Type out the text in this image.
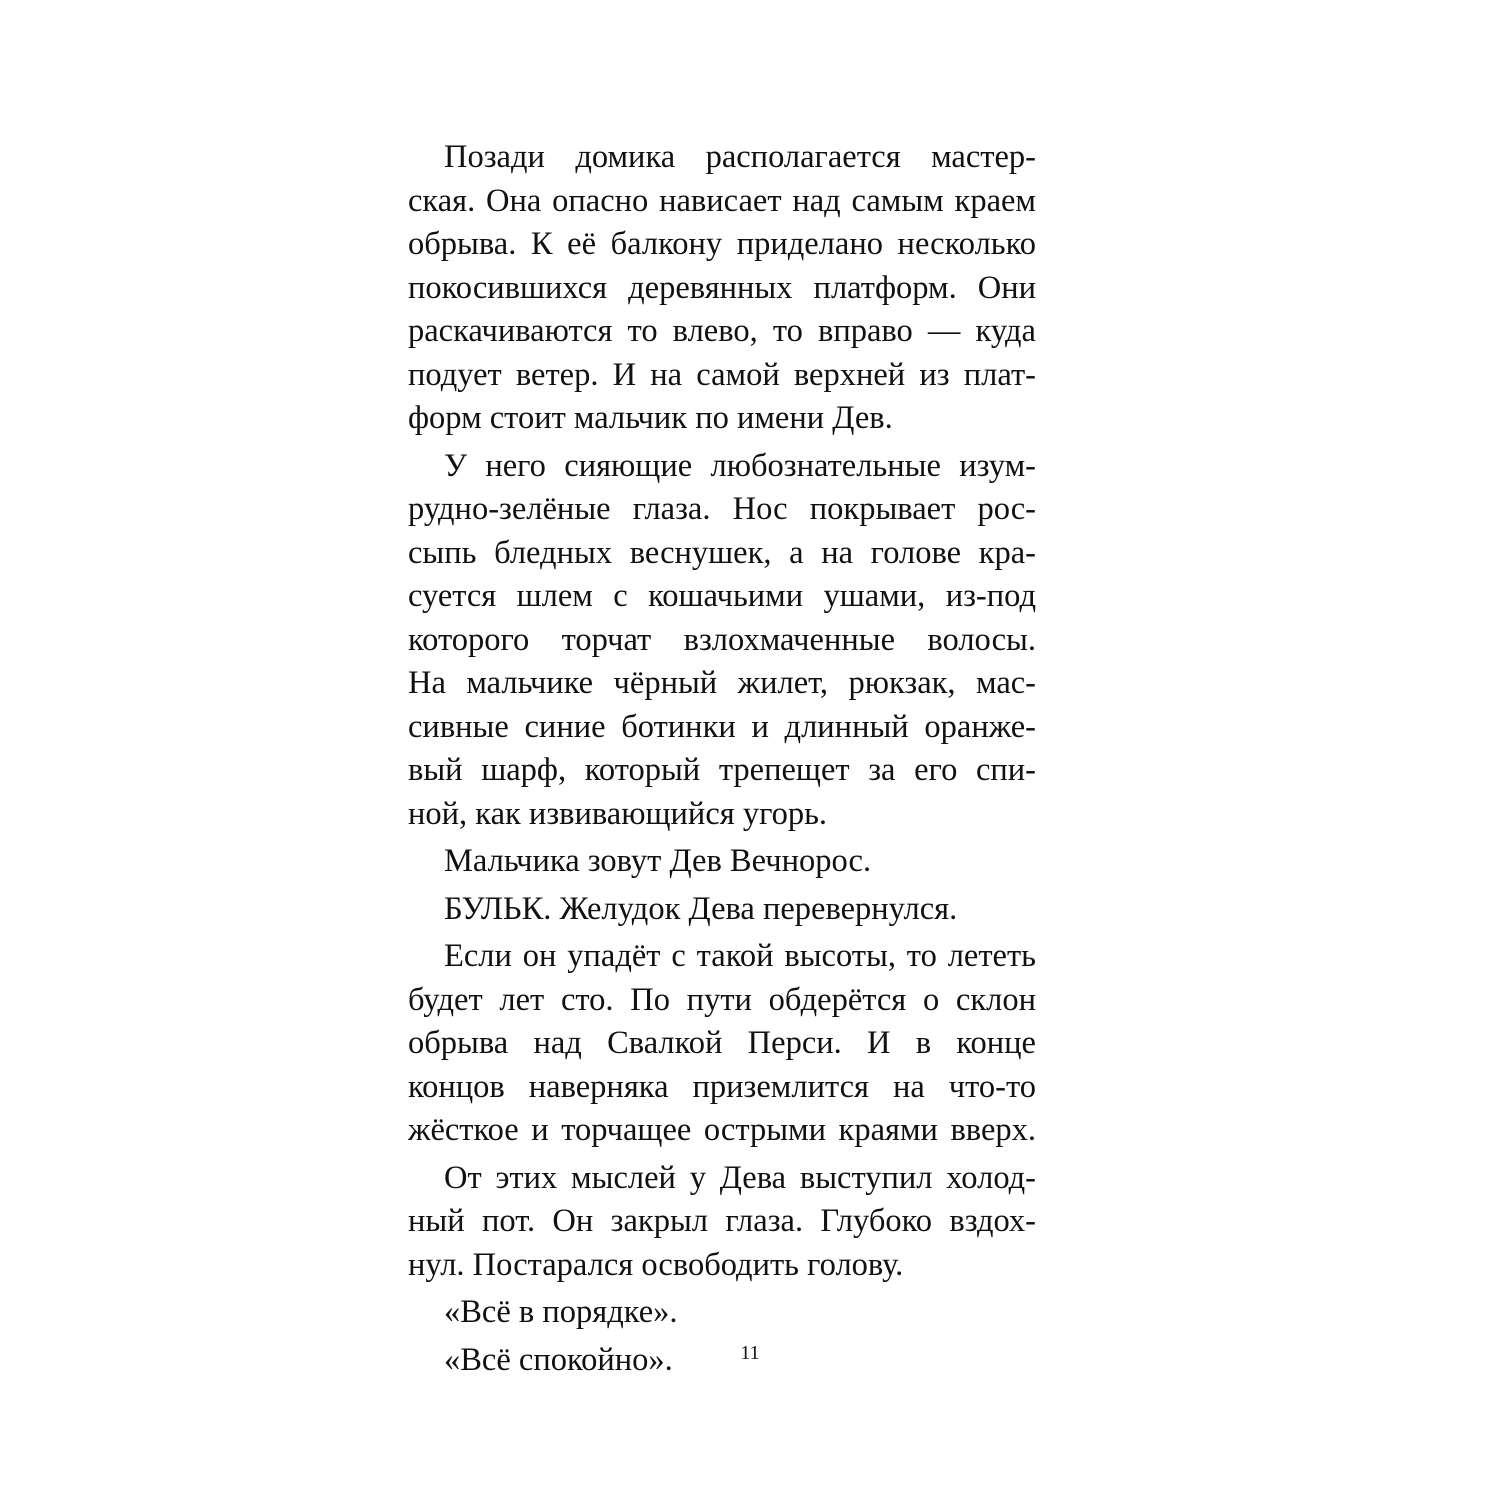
Позади домика располагается мастер-
ская. Она опасно нависает над самым краем
обрыва. К её балкону приделано несколько
покосившихся деревянных платформ. Они
раскачиваются то влево, то вправо — куда
подует ветер. И на самой верхней из плат-
форм стоит мальчик по имени Дев.
У него сияющие любознательные изум-
рудно-зелёные глаза. Нос покрывает рос-
сыпь бледных веснушек, а на голове кра-
суется шлем с кошачьими ушами, из-под
которого торчат взлохмаченные волосы.
На мальчике чёрный жилет, рюкзак, мас-
сивные синие ботинки и длинный оранже-
вый шарф, который трепещет за его спи-
ной, как извивающийся угорь.
Мальчика зовут Дев Вечнорос.
БУЛЬК. Желудок Дева перевернулся.
Если он упадёт с такой высоты, то лететь
будет лет сто. По пути обдерётся о склон
обрыва над Свалкой Перси. И в конце
концов наверняка приземлится на что-то
жёсткое и торчащее острыми краями вверх.
От этих мыслей у Дева выступил холод-
ный пот. Он закрыл глаза. Глубоко вздох-
нул. Постарался освободить голову.
«Всё в порядке».
«Всё спокойно».	11
